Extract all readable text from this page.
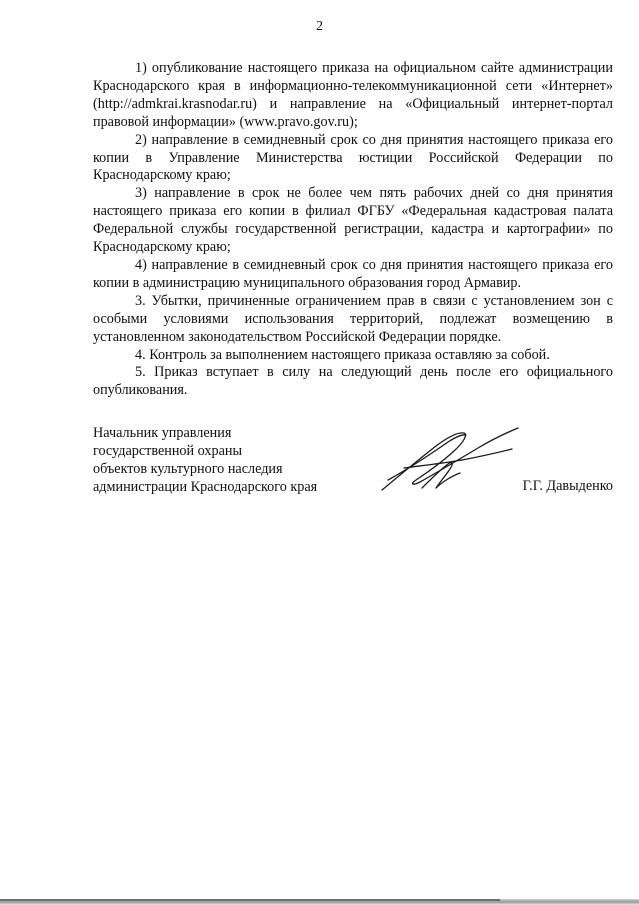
2

1) опубликование настоящего приказа на официальном сайте администрации Краснодарского края в информационно-телекоммуникационной сети «Интернет» (http://admkrai.krasnodar.ru) и направление на «Официальный интернет-портал правовой информации» (www.pravo.gov.ru);

2) направление в семидневный срок со дня принятия настоящего приказа его копии в Управление Министерства юстиции Российской Федерации по Краснодарскому краю;

3) направление в срок не более чем пять рабочих дней со дня принятия настоящего приказа его копии в филиал ФГБУ «Федеральная кадастровая палата Федеральной службы государственной регистрации, кадастра и картографии» по Краснодарскому краю;

4) направление в семидневный срок со дня принятия настоящего приказа его копии в администрацию муниципального образования город Армавир.

3. Убытки, причиненные ограничением прав в связи с установлением зон с особыми условиями использования территорий, подлежат возмещению в установленном законодательством Российской Федерации порядке.

4. Контроль за выполнением настоящего приказа оставляю за собой.

5. Приказ вступает в силу на следующий день после его официального опубликования.

Начальник управления
государственной охраны
объектов культурного наследия
администрации Краснодарского края	Г.Г. Давыденко
